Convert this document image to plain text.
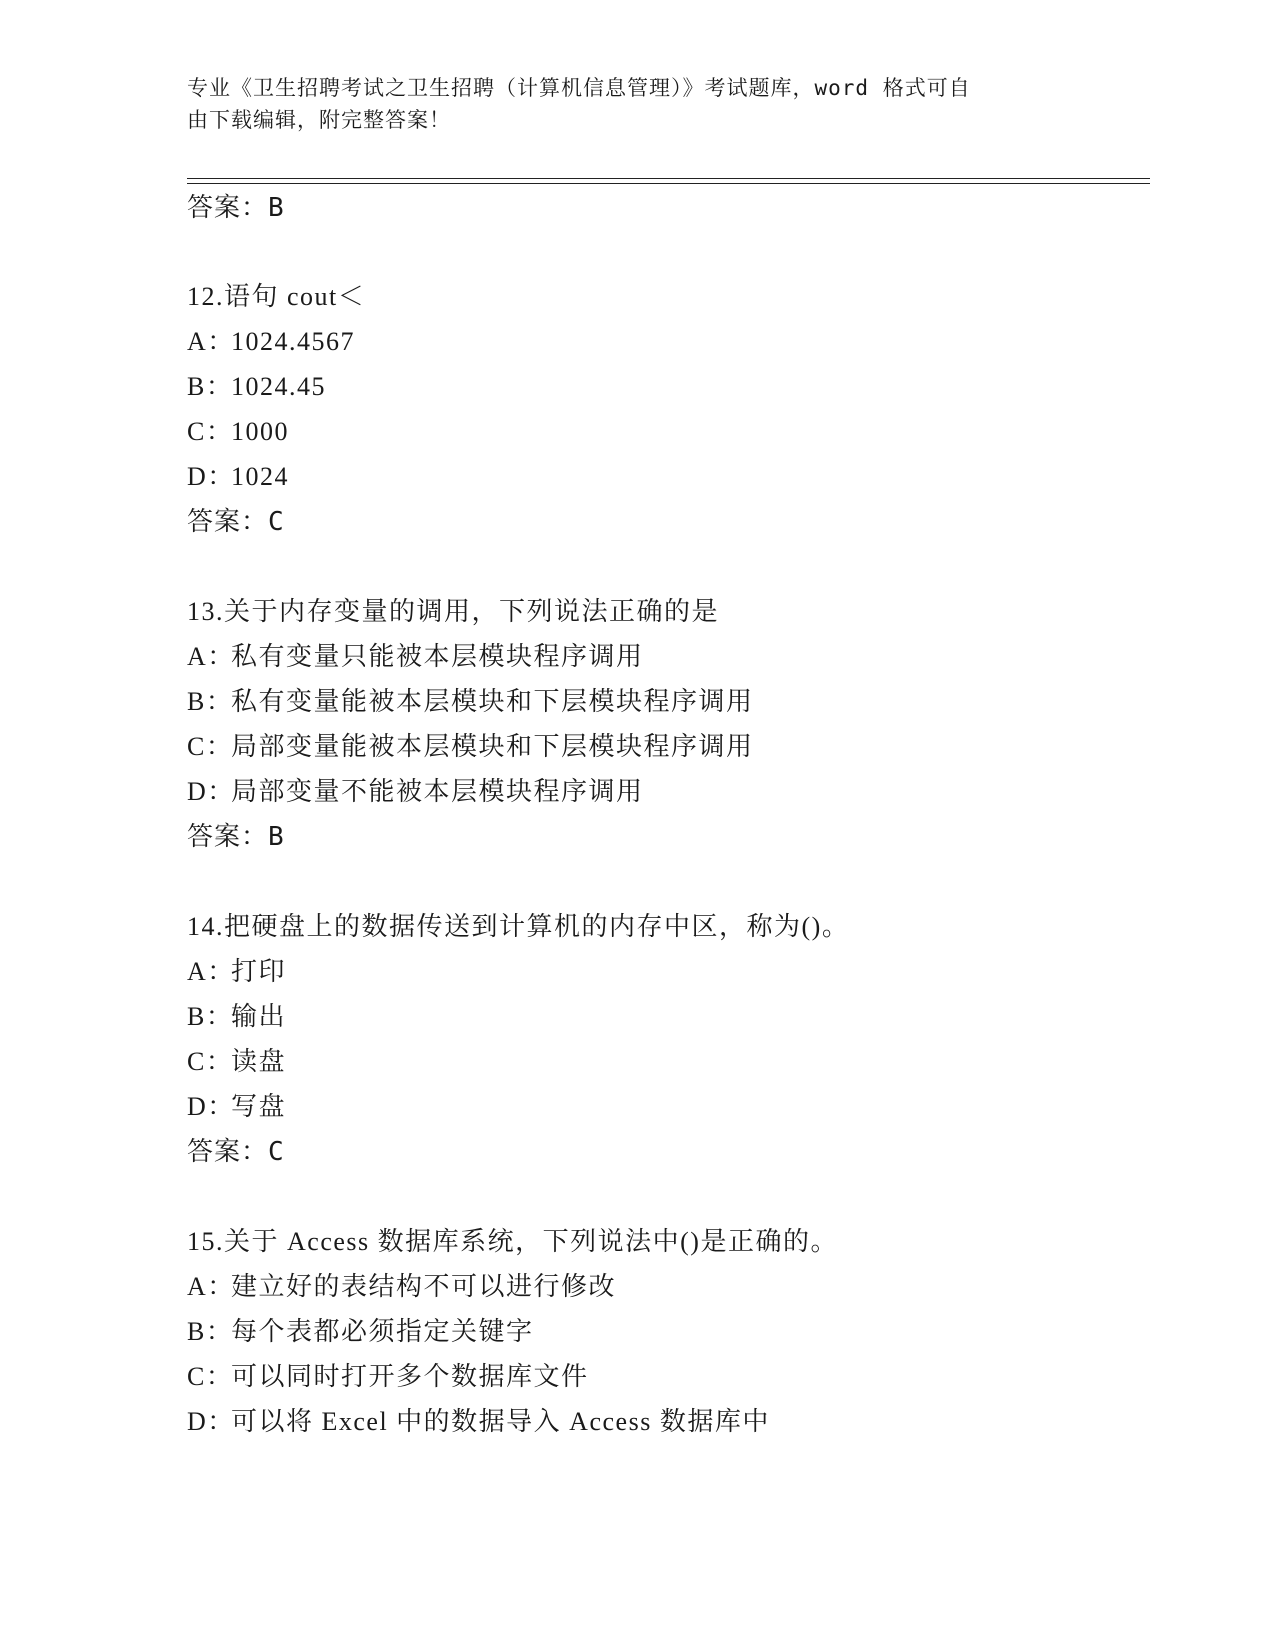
专业《卫生招聘考试之卫生招聘（计算机信息管理）》考试题库，word 格式可自
由下载编辑，附完整答案！
答案：B
12.语句 cout＜
A：1024.4567
B：1024.45
C：1000
D：1024
答案：C
13.关于内存变量的调用，下列说法正确的是
A：私有变量只能被本层模块程序调用
B：私有变量能被本层模块和下层模块程序调用
C：局部变量能被本层模块和下层模块程序调用
D：局部变量不能被本层模块程序调用
答案：B
14.把硬盘上的数据传送到计算机的内存中区，称为()。
A：打印
B：输出
C：读盘
D：写盘
答案：C
15.关于 Access 数据库系统，下列说法中()是正确的。
A：建立好的表结构不可以进行修改
B：每个表都必须指定关键字
C：可以同时打开多个数据库文件
D：可以将 Excel 中的数据导入 Access 数据库中
